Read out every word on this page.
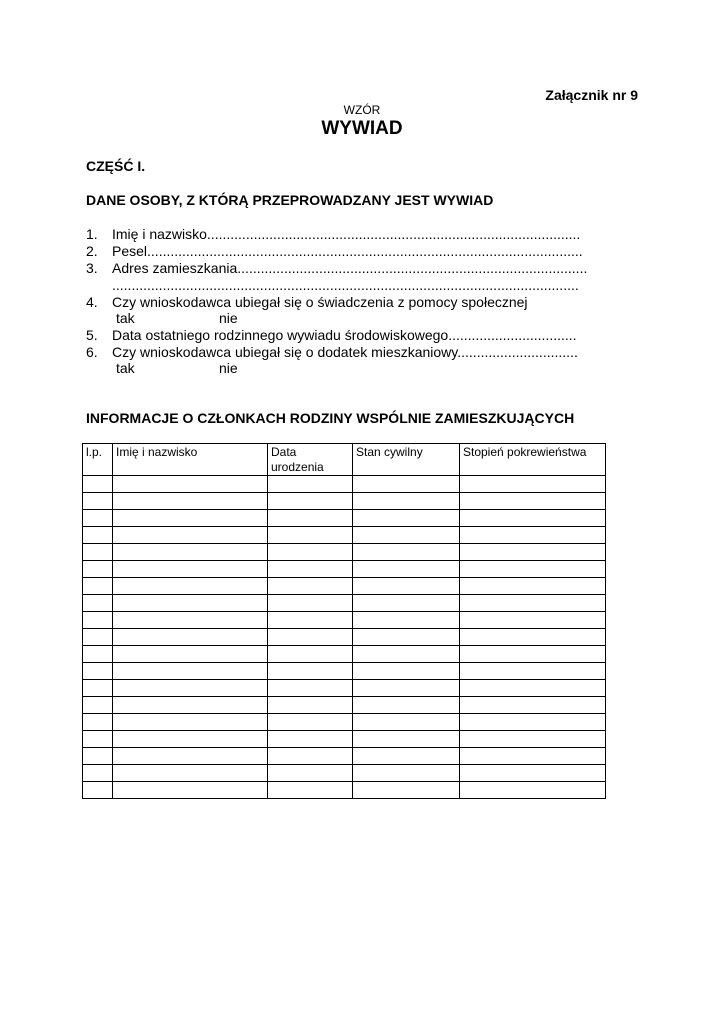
Załącznik nr 9
WZÓR
WYWIAD
CZĘŚĆ I.
DANE OSOBY, Z KTÓRĄ PRZEPROWADZANY JEST WYWIAD
1. Imię i nazwisko................................................................................................
2. Pesel................................................................................................................
3. Adres zamieszkania..........................................................................................
........................................................................................................................
4. Czy wnioskodawca ubiegał się o świadczenia z pomocy społecznej
tak	nie
5. Data ostatniego rodzinnego wywiadu środowiskowego.................................
6. Czy wnioskodawca ubiegał się o dodatek mieszkaniowy...............................
tak	nie
INFORMACJE O CZŁONKACH RODZINY WSPÓLNIE ZAMIESZKUJĄCYCH
l.p.	Imię i nazwisko	Data urodzenia	Stan cywilny	Stopień pokrewieństwa
